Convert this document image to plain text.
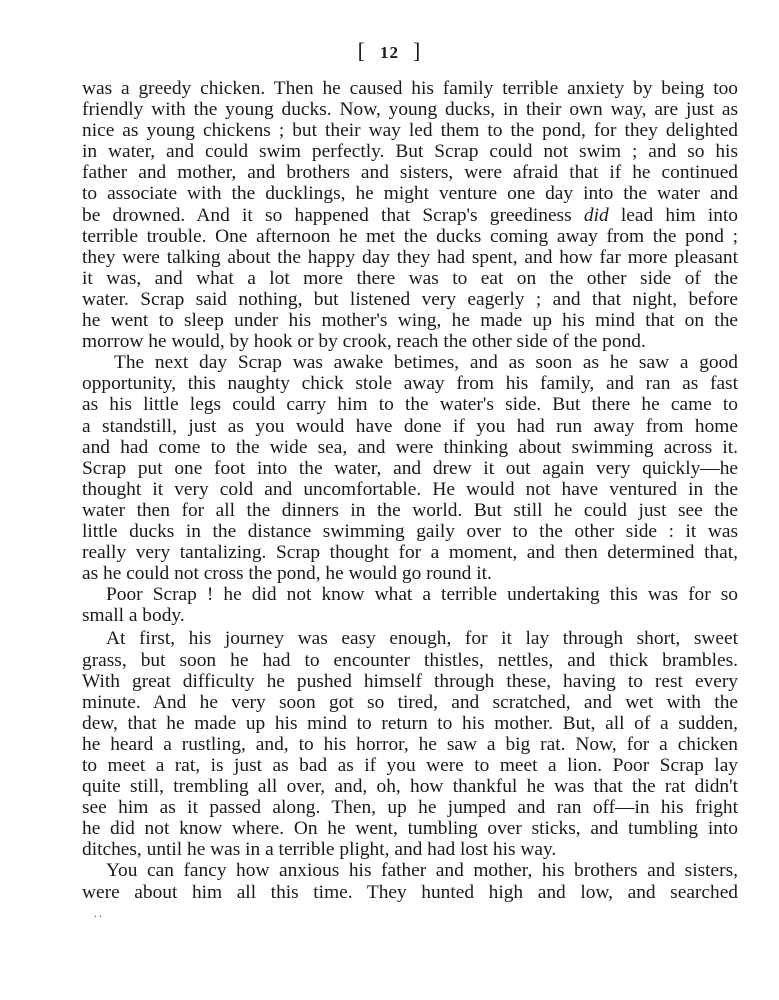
[ 12 ]
was a greedy chicken. Then he caused his family terrible anxiety by being too
friendly with the young ducks. Now, young ducks, in their own way, are just as
nice as young chickens ; but their way led them to the pond, for they delighted
in water, and could swim perfectly. But Scrap could not swim ; and so his
father and mother, and brothers and sisters, were afraid that if he continued
to associate with the ducklings, he might venture one day into the water and
be drowned. And it so happened that Scrap's greediness did lead him into
terrible trouble. One afternoon he met the ducks coming away from the pond ;
they were talking about the happy day they had spent, and how far more pleasant
it was, and what a lot more there was to eat on the other side of the
water. Scrap said nothing, but listened very eagerly ; and that night, before
he went to sleep under his mother's wing, he made up his mind that on the
morrow he would, by hook or by crook, reach the other side of the pond.
The next day Scrap was awake betimes, and as soon as he saw a good
opportunity, this naughty chick stole away from his family, and ran as fast
as his little legs could carry him to the water's side. But there he came to
a standstill, just as you would have done if you had run away from home
and had come to the wide sea, and were thinking about swimming across it.
Scrap put one foot into the water, and drew it out again very quickly—he
thought it very cold and uncomfortable. He would not have ventured in the
water then for all the dinners in the world. But still he could just see the
little ducks in the distance swimming gaily over to the other side : it was
really very tantalizing. Scrap thought for a moment, and then determined that,
as he could not cross the pond, he would go round it.
Poor Scrap ! he did not know what a terrible undertaking this was for so
small a body.
At first, his journey was easy enough, for it lay through short, sweet
grass, but soon he had to encounter thistles, nettles, and thick brambles.
With great difficulty he pushed himself through these, having to rest every
minute. And he very soon got so tired, and scratched, and wet with the
dew, that he made up his mind to return to his mother. But, all of a sudden,
he heard a rustling, and, to his horror, he saw a big rat. Now, for a chicken
to meet a rat, is just as bad as if you were to meet a lion. Poor Scrap lay
quite still, trembling all over, and, oh, how thankful he was that the rat didn't
see him as it passed along. Then, up he jumped and ran off—in his fright
he did not know where. On he went, tumbling over sticks, and tumbling into
ditches, until he was in a terrible plight, and had lost his way.
You can fancy how anxious his father and mother, his brothers and sisters,
were about him all this time. They hunted high and low, and searched
..
